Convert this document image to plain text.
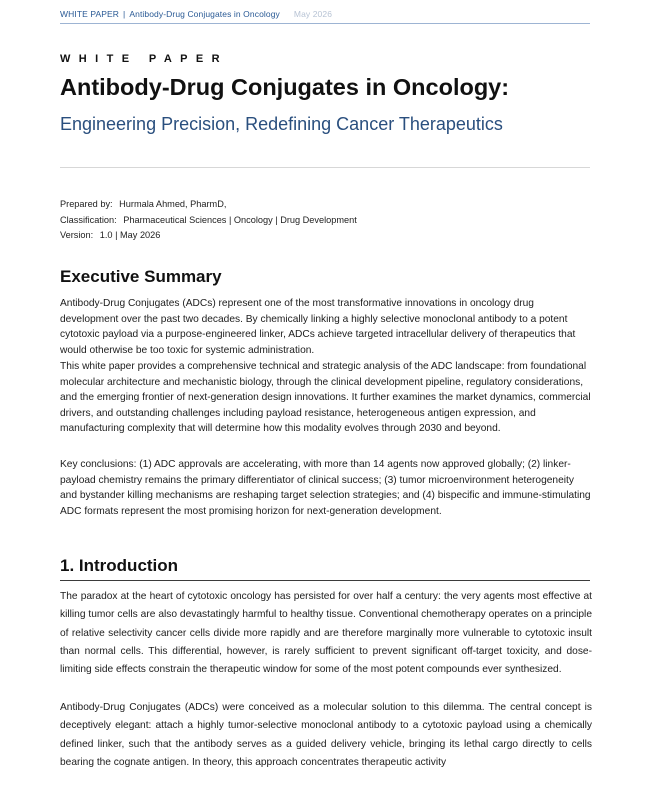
WHITE PAPER | Antibody-Drug Conjugates in Oncology May 2026
WHITE PAPER
Antibody-Drug Conjugates in Oncology:
Engineering Precision, Redefining Cancer Therapeutics
Prepared by: Hurmala Ahmed, PharmD,
Classification: Pharmaceutical Sciences | Oncology | Drug Development
Version: 1.0 | May 2026
Executive Summary

Antibody-Drug Conjugates (ADCs) represent one of the most transformative innovations in oncology drug development over the past two decades. By chemically linking a highly selective monoclonal antibody to a potent cytotoxic payload via a purpose-engineered linker, ADCs achieve targeted intracellular delivery of therapeutics that would otherwise be too toxic for systemic administration.

This white paper provides a comprehensive technical and strategic analysis of the ADC landscape: from foundational molecular architecture and mechanistic biology, through the clinical development pipeline, regulatory considerations, and the emerging frontier of next-generation design innovations. It further examines the market dynamics, commercial drivers, and outstanding challenges including payload resistance, heterogeneous antigen expression, and manufacturing complexity that will determine how this modality evolves through 2030 and beyond.

Key conclusions: (1) ADC approvals are accelerating, with more than 14 agents now approved globally; (2) linker-payload chemistry remains the primary differentiator of clinical success; (3) tumor microenvironment heterogeneity and bystander killing mechanisms are reshaping target selection strategies; and (4) bispecific and immune-stimulating ADC formats represent the most promising horizon for next-generation development.

1. Introduction

The paradox at the heart of cytotoxic oncology has persisted for over half a century: the very agents most effective at killing tumor cells are also devastatingly harmful to healthy tissue. Conventional chemotherapy operates on a principle of relative selectivity cancer cells divide more rapidly and are therefore marginally more vulnerable to cytotoxic insult than normal cells. This differential, however, is rarely sufficient to prevent significant off-target toxicity, and dose-limiting side effects constrain the therapeutic window for some of the most potent compounds ever synthesized.

Antibody-Drug Conjugates (ADCs) were conceived as a molecular solution to this dilemma. The central concept is deceptively elegant: attach a highly tumor-selective monoclonal antibody to a cytotoxic payload using a chemically defined linker, such that the antibody serves as a guided delivery vehicle, bringing its lethal cargo directly to cells bearing the cognate antigen. In theory, this approach concentrates therapeutic activity
